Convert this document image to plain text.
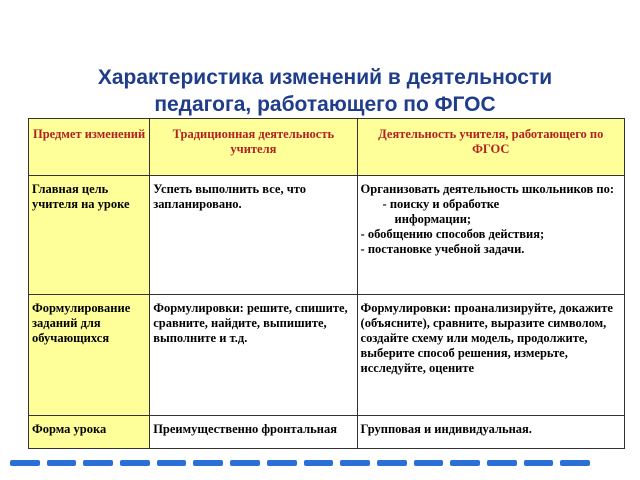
Характеристика изменений в деятельности
педагога, работающего по ФГОС
Предмет изменений	Традиционная деятельность учителя	Деятельность учителя, работающего по ФГОС
Главная цель учителя на уроке	Успеть выполнить все, что запланировано.	Организовать деятельность школьников по:
- поиску и обработке
информации;
- обобщению способов действия;
- постановке учебной задачи.

Формулирование заданий для обучающихся	Формулировки: решите, спишите, сравните, найдите, выпишите, выполните и т.д.	Формулировки: проанализируйте, докажите (объясните), сравните, выразите символом, создайте схему или модель, продолжите, выберите способ решения, измерьте, исследуйте, оцените
Форма урока	Преимущественно фронтальная	Групповая и индивидуальная.
